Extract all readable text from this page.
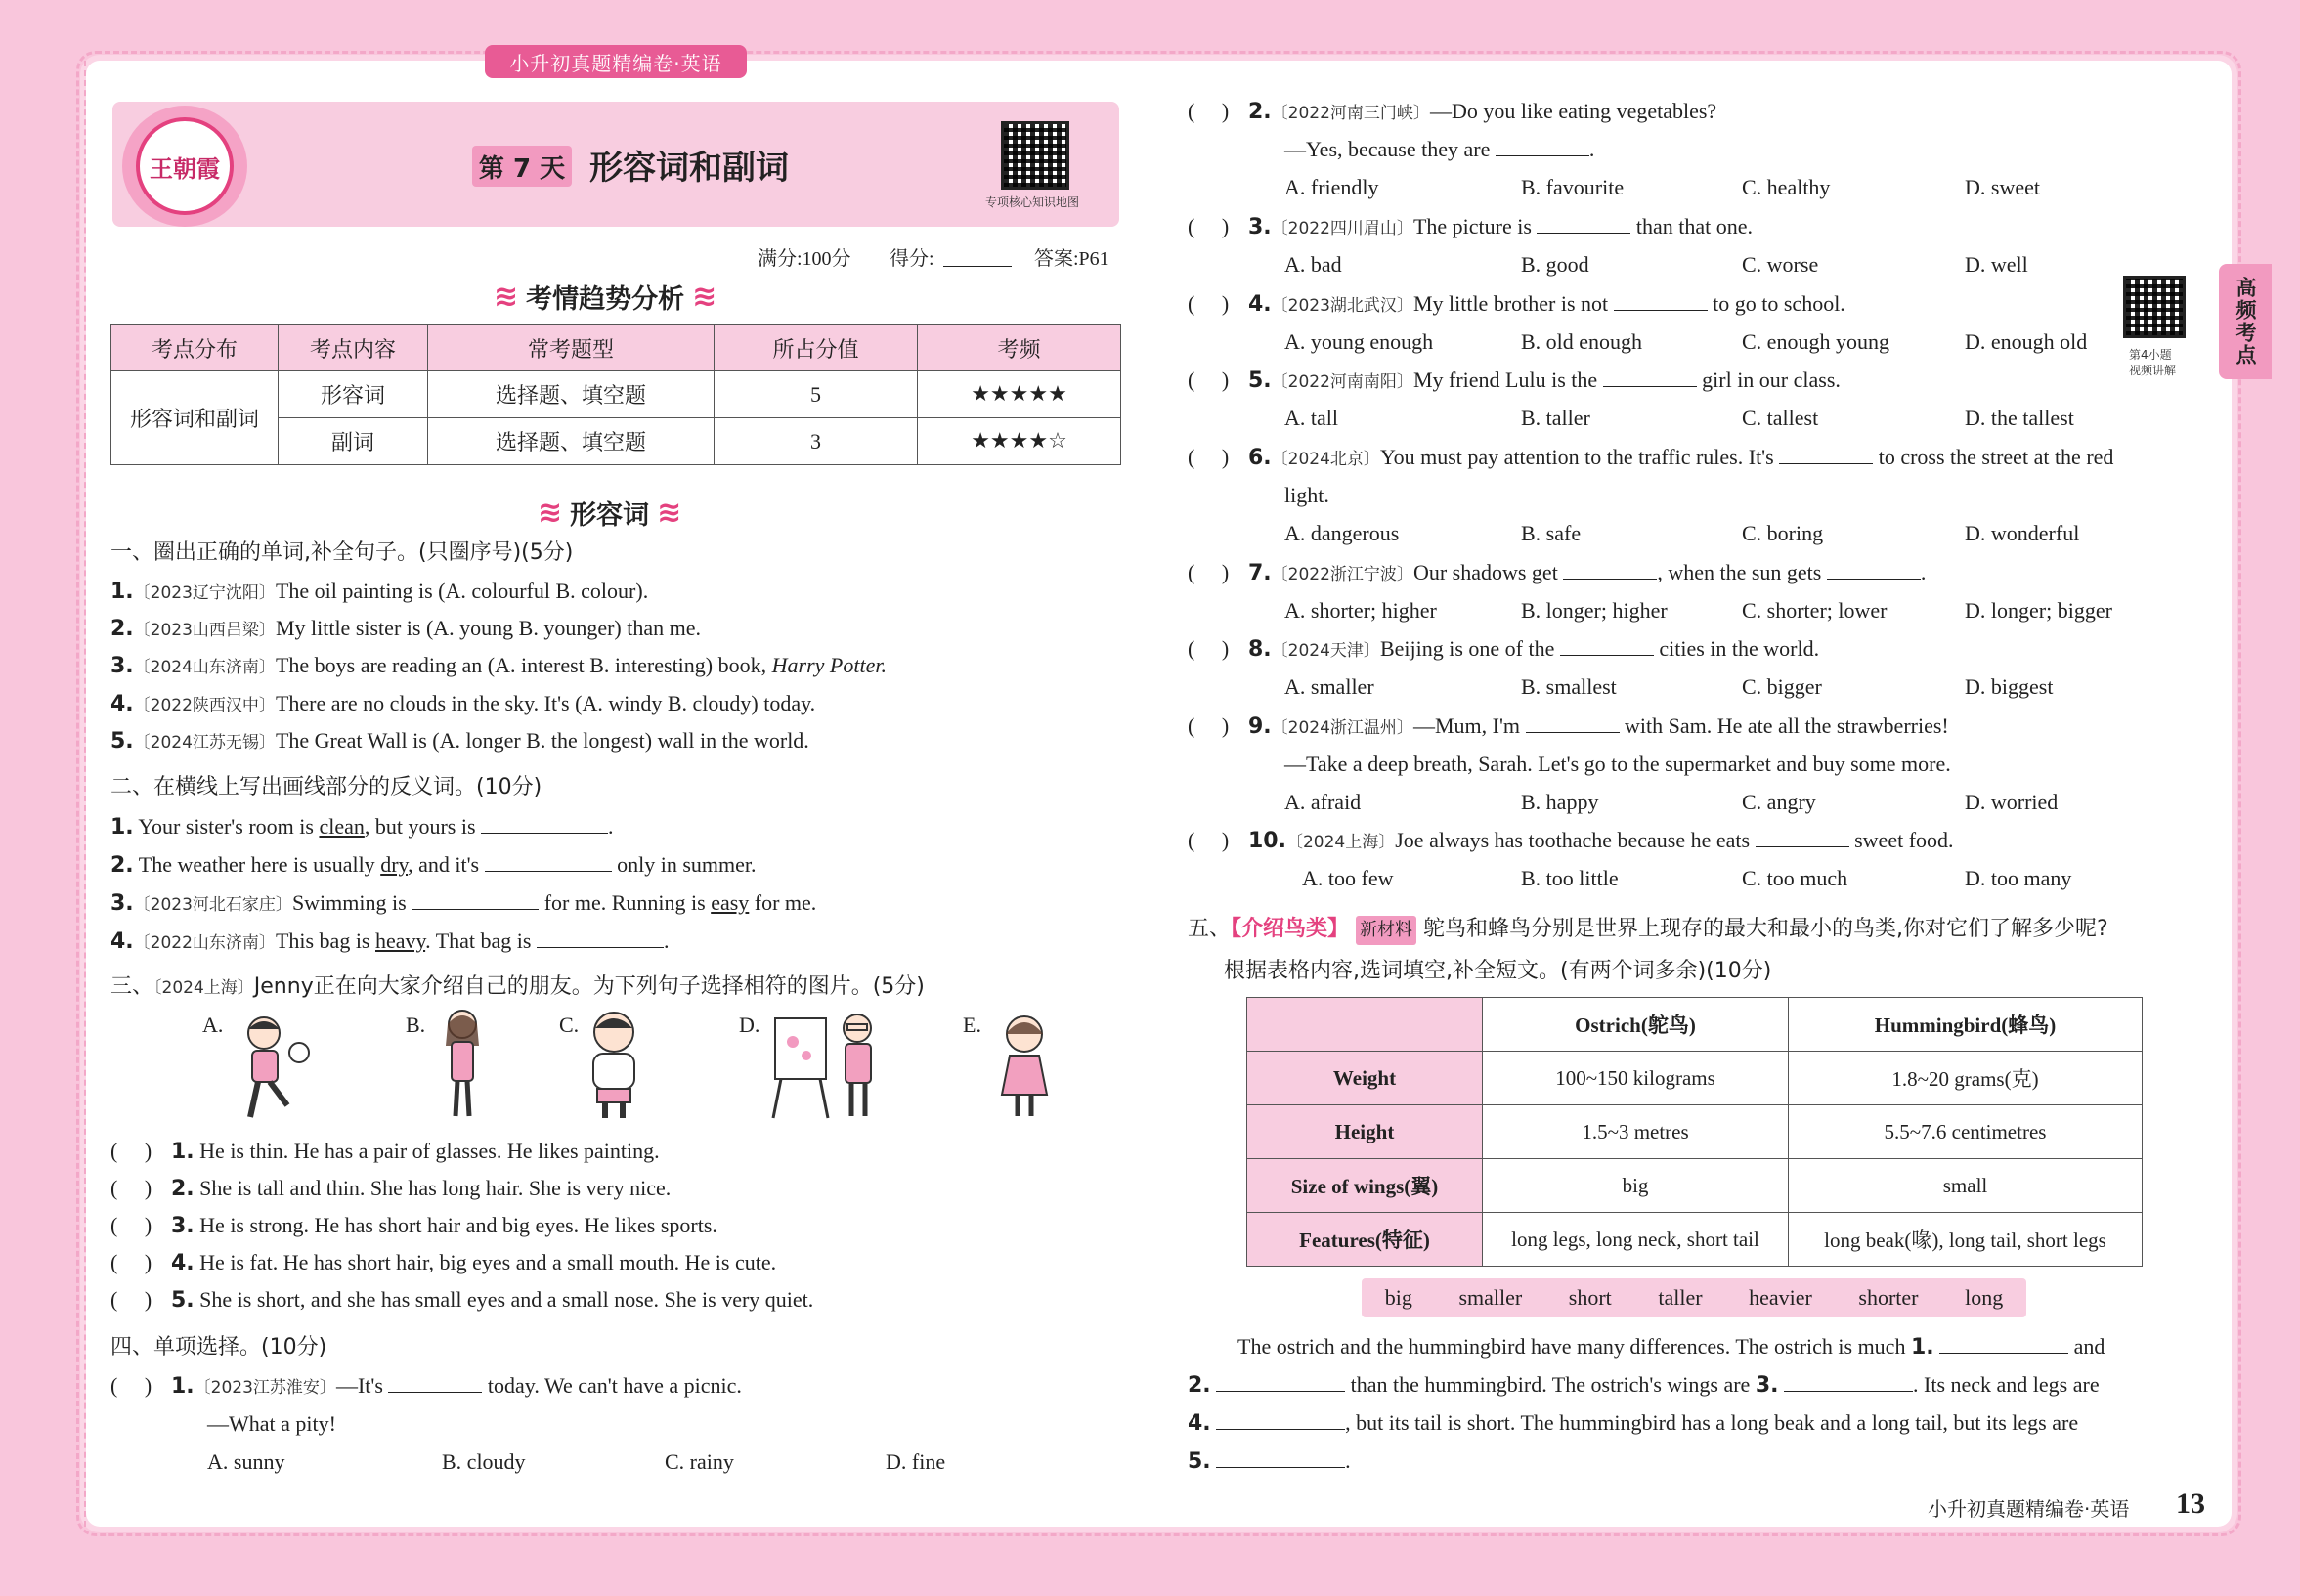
小升初真题精编卷·英语
王朝霞	第 7 天 形容词和副词
专项核心知识地图
满分:100分 得分:	答案:P61
≋ 考情趋势分析 ≋
考点分布	考点内容	常考题型	所占分值	考频
形容词和副词	形容词	选择题、填空题	5	★★★★★
	副词	选择题、填空题	3	★★★★☆
≋ 形容词 ≋
一、圈出正确的单词,补全句子。(只圈序号)(5分)
1.〔2023辽宁沈阳〕The oil painting is (A. colourful B. colour).
2.〔2023山西吕梁〕My little sister is (A. young B. younger) than me.
3.〔2024山东济南〕The boys are reading an (A. interest B. interesting) book, Harry Potter.
4.〔2022陕西汉中〕There are no clouds in the sky. It's (A. windy B. cloudy) today.
5.〔2024江苏无锡〕The Great Wall is (A. longer B. the longest) wall in the world.
二、在横线上写出画线部分的反义词。(10分)
1. Your sister's room is clean, but yours is	.
2. The weather here is usually dry, and it's	only in summer.
3.〔2023河北石家庄〕Swimming is	for me. Running is easy for me.
4.〔2022山东济南〕This bag is heavy. That bag is	.
三、〔2024上海〕Jenny正在向大家介绍自己的朋友。为下列句子选择相符的图片。(5分)
A.	B.	C.	D.	E.
(     ) 1. He is thin. He has a pair of glasses. He likes painting.
(     ) 2. She is tall and thin. She has long hair. She is very nice.
(     ) 3. He is strong. He has short hair and big eyes. He likes sports.
(     ) 4. He is fat. He has short hair, big eyes and a small mouth. He is cute.
(     ) 5. She is short, and she has small eyes and a small nose. She is very quiet.
四、单项选择。(10分)
(     ) 1.〔2023江苏淮安〕—It's	today. We can't have a picnic.
—What a pity!
A. sunny	B. cloudy	C. rainy	D. fine
(     ) 2.〔2022河南三门峡〕—Do you like eating vegetables?
—Yes, because they are	.
A. friendly	B. favourite	C. healthy	D. sweet
(     ) 3.〔2022四川眉山〕The picture is	than that one.
A. bad	B. good	C. worse	D. well
(     ) 4.〔2023湖北武汉〕My little brother is not	to go to school.
A. young enough	B. old enough	C. enough young	D. enough old
第4小题
视频讲解
(     ) 5.〔2022河南南阳〕My friend Lulu is the	girl in our class.
A. tall	B. taller	C. tallest	D. the tallest
(     ) 6.〔2024北京〕You must pay attention to the traffic rules. It's	to cross the street at the red
light.
A. dangerous	B. safe	C. boring	D. wonderful
(     ) 7.〔2022浙江宁波〕Our shadows get	, when the sun gets	.
A. shorter; higher	B. longer; higher	C. shorter; lower	D. longer; bigger
(     ) 8.〔2024天津〕Beijing is one of the	cities in the world.
A. smaller	B. smallest	C. bigger	D. biggest
(     ) 9.〔2024浙江温州〕—Mum, I'm	with Sam. He ate all the strawberries!
—Take a deep breath, Sarah. Let's go to the supermarket and buy some more.
A. afraid	B. happy	C. angry	D. worried
(     ) 10.〔2024上海〕Joe always has toothache because he eats	sweet food.
A. too few	B. too little	C. too much	D. too many
高频考点
五、【介绍鸟类】 新材料 鸵鸟和蜂鸟分别是世界上现存的最大和最小的鸟类,你对它们了解多少呢?
根据表格内容,选词填空,补全短文。(有两个词多余)(10分)
	Ostrich(鸵鸟)	Hummingbird(蜂鸟)
Weight	100~150 kilograms	1.8~20 grams(克)
Height	1.5~3 metres	5.5~7.6 centimetres
Size of wings(翼)	big	small
Features(特征)	long legs, long neck, short tail	long beak(喙), long tail, short legs
big smaller short taller heavier shorter long
The ostrich and the hummingbird have many differences. The ostrich is much 1.	and
2.	than the hummingbird. The ostrich's wings are 3.	. Its neck and legs are
4.	, but its tail is short. The hummingbird has a long beak and a long tail, but its legs are
5.	.
小升初真题精编卷·英语 13
